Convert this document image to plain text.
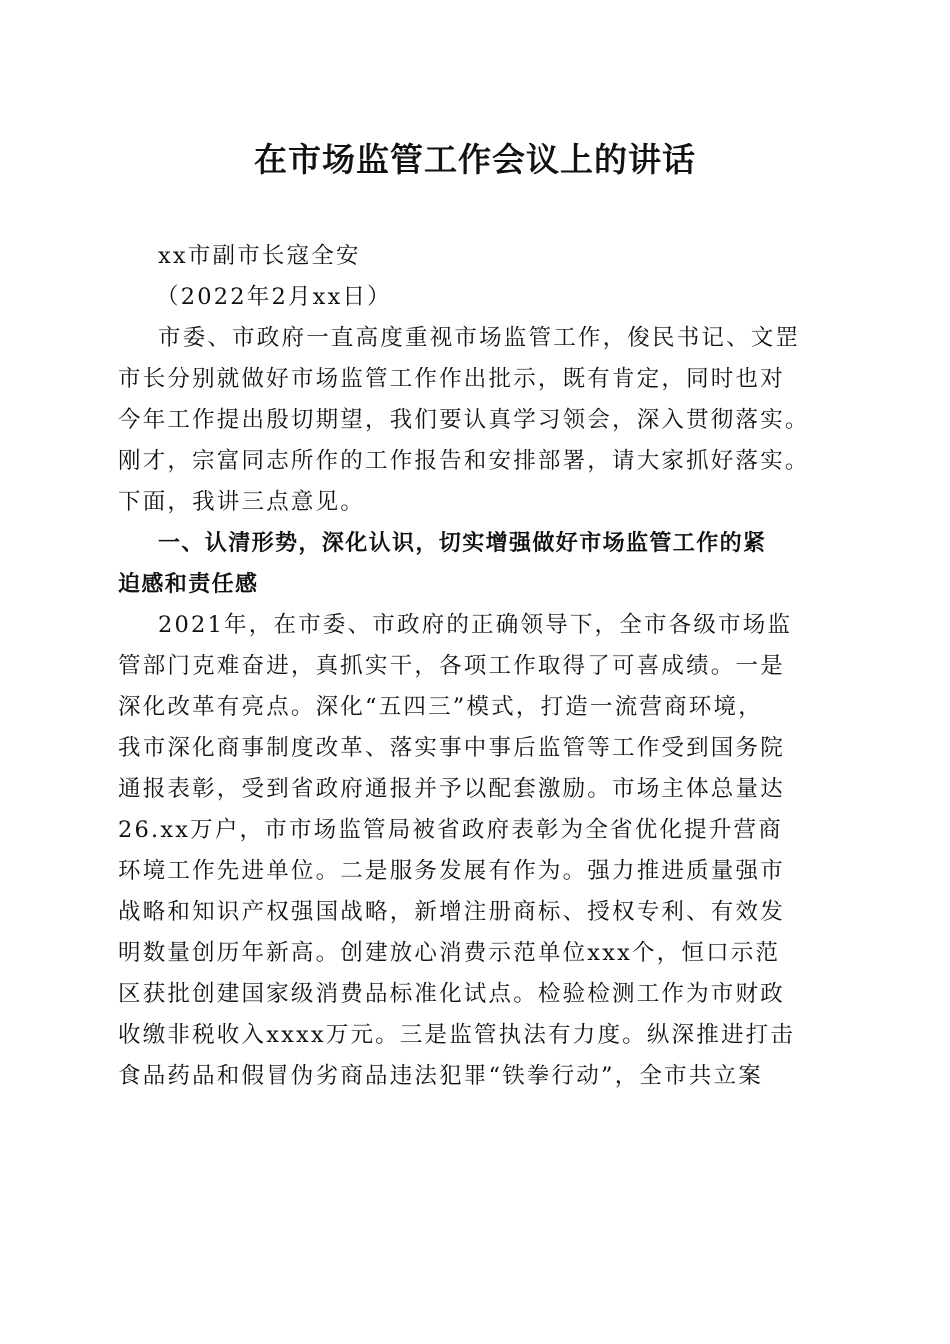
在市场监管工作会议上的讲话
xx市副市长寇全安
（2022年2月xx日）
市委、市政府一直高度重视市场监管工作，俊民书记、文罡
市长分别就做好市场监管工作作出批示，既有肯定，同时也对
今年工作提出殷切期望，我们要认真学习领会，深入贯彻落实。
刚才，宗富同志所作的工作报告和安排部署，请大家抓好落实。
下面，我讲三点意见。
一、认清形势，深化认识，切实增强做好市场监管工作的紧
迫感和责任感
2021年，在市委、市政府的正确领导下，全市各级市场监
管部门克难奋进，真抓实干，各项工作取得了可喜成绩。一是
深化改革有亮点。深化“五四三”模式，打造一流营商环境，
我市深化商事制度改革、落实事中事后监管等工作受到国务院
通报表彰，受到省政府通报并予以配套激励。市场主体总量达
26.xx万户，市市场监管局被省政府表彰为全省优化提升营商
环境工作先进单位。二是服务发展有作为。强力推进质量强市
战略和知识产权强国战略，新增注册商标、授权专利、有效发
明数量创历年新高。创建放心消费示范单位xxx个，恒口示范
区获批创建国家级消费品标准化试点。检验检测工作为市财政
收缴非税收入xxxx万元。三是监管执法有力度。纵深推进打击
食品药品和假冒伪劣商品违法犯罪“铁拳行动”，全市共立案
